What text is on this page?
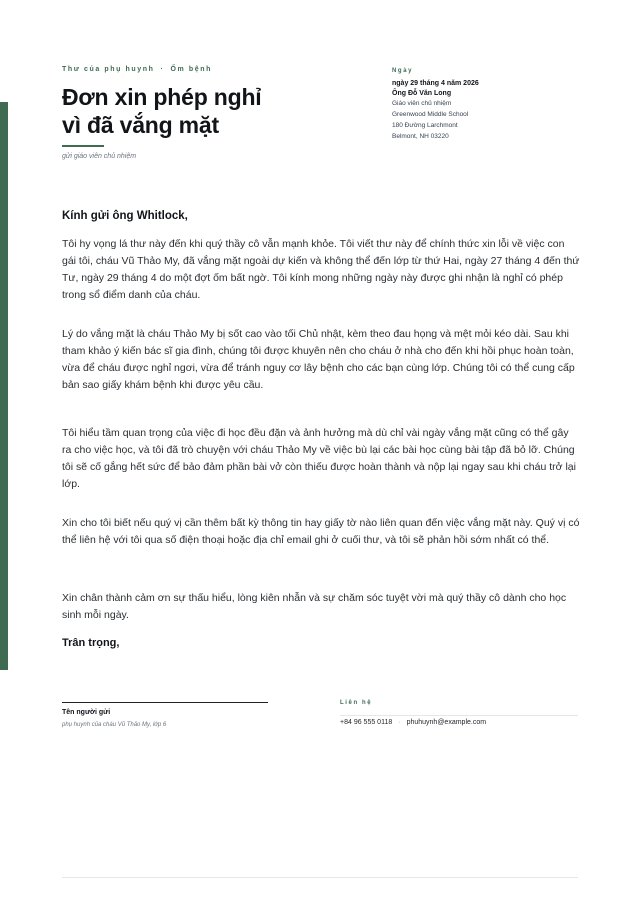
Thư của phụ huynh · Ốm bệnh
Đơn xin phép nghỉ
vì đã vắng mặt
gửi giáo viên chủ nhiệm
Ngày
ngày 29 tháng 4 năm 2026
Ông Đỗ Văn Long
Giáo viên chủ nhiệm
Greenwood Middle School
180 Đường Larchmont
Belmont, NH 03220
Kính gửi ông Whitlock,

Tôi hy vọng lá thư này đến khi quý thầy cô vẫn mạnh khỏe. Tôi viết thư này để chính thức xin lỗi về việc con gái tôi, cháu Vũ Thảo My, đã vắng mặt ngoài dự kiến và không thể đến lớp từ thứ Hai, ngày 27 tháng 4 đến thứ Tư, ngày 29 tháng 4 do một đợt ốm bất ngờ. Tôi kính mong những ngày này được ghi nhận là nghỉ có phép trong sổ điểm danh của cháu.

Lý do vắng mặt là cháu Thảo My bị sốt cao vào tối Chủ nhật, kèm theo đau họng và mệt mỏi kéo dài. Sau khi tham khảo ý kiến bác sĩ gia đình, chúng tôi được khuyên nên cho cháu ở nhà cho đến khi hồi phục hoàn toàn, vừa để cháu được nghỉ ngơi, vừa để tránh nguy cơ lây bệnh cho các bạn cùng lớp. Chúng tôi có thể cung cấp bản sao giấy khám bệnh khi được yêu cầu.

Tôi hiểu tầm quan trọng của việc đi học đều đặn và ảnh hưởng mà dù chỉ vài ngày vắng mặt cũng có thể gây ra cho việc học, và tôi đã trò chuyện với cháu Thảo My về việc bù lại các bài học cùng bài tập đã bỏ lỡ. Chúng tôi sẽ cố gắng hết sức để bảo đảm phần bài vở còn thiếu được hoàn thành và nộp lại ngay sau khi cháu trở lại lớp.

Xin cho tôi biết nếu quý vị cần thêm bất kỳ thông tin hay giấy tờ nào liên quan đến việc vắng mặt này. Quý vị có thể liên hệ với tôi qua số điện thoại hoặc địa chỉ email ghi ở cuối thư, và tôi sẽ phản hồi sớm nhất có thể.

Xin chân thành cảm ơn sự thấu hiểu, lòng kiên nhẫn và sự chăm sóc tuyệt vời mà quý thầy cô dành cho học sinh mỗi ngày.

Trân trọng,
Tên người gửi
phụ huynh của cháu Vũ Thảo My, lớp 6
Liên hệ
+84 96 555 0118 · phuhuynh@example.com
